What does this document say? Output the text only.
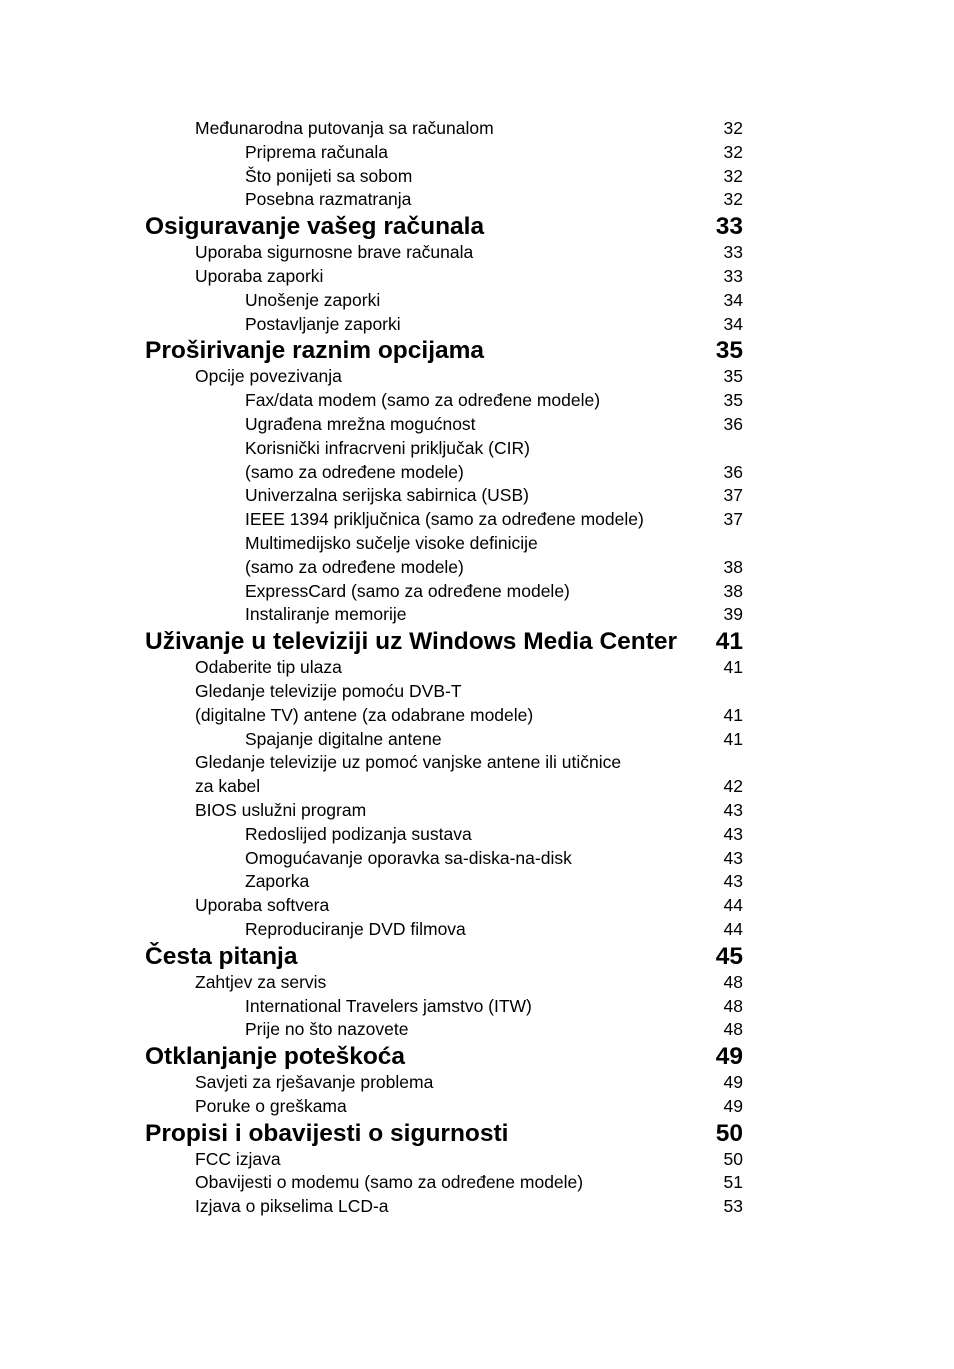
Međunarodna putovanja sa računalom	32
Priprema računala	32
Što ponijeti sa sobom	32
Posebna razmatranja	32
Osiguravanje vašeg računala	33
Uporaba sigurnosne brave računala	33
Uporaba zaporki	33
Unošenje zaporki	34
Postavljanje zaporki	34
Proširivanje raznim opcijama	35
Opcije povezivanja	35
Fax/data modem (samo za određene modele)	35
Ugrađena mrežna mogućnost	36
Korisnički infracrveni priključak (CIR)
(samo za određene modele)	36
Univerzalna serijska sabirnica (USB)	37
IEEE 1394 priključnica (samo za određene modele)	37
Multimedijsko sučelje visoke definicije
(samo za određene modele)	38
ExpressCard (samo za određene modele)	38
Instaliranje memorije	39
Uživanje u televiziji uz Windows Media Center 41
Odaberite tip ulaza	41
Gledanje televizije pomoću DVB-T
(digitalne TV) antene (za odabrane modele)	41
Spajanje digitalne antene	41
Gledanje televizije uz pomoć vanjske antene ili utičnice
za kabel	42
BIOS uslužni program	43
Redoslijed podizanja sustava	43
Omogućavanje oporavka sa-diska-na-disk	43
Zaporka	43
Uporaba softvera	44
Reproduciranje DVD filmova	44
Česta pitanja	45
Zahtjev za servis	48
International Travelers jamstvo (ITW)	48
Prije no što nazovete	48
Otklanjanje poteškoća	49
Savjeti za rješavanje problema	49
Poruke o greškama	49
Propisi i obavijesti o sigurnosti	50
FCC izjava	50
Obavijesti o modemu (samo za određene modele)	51
Izjava o pikselima LCD-a	53
